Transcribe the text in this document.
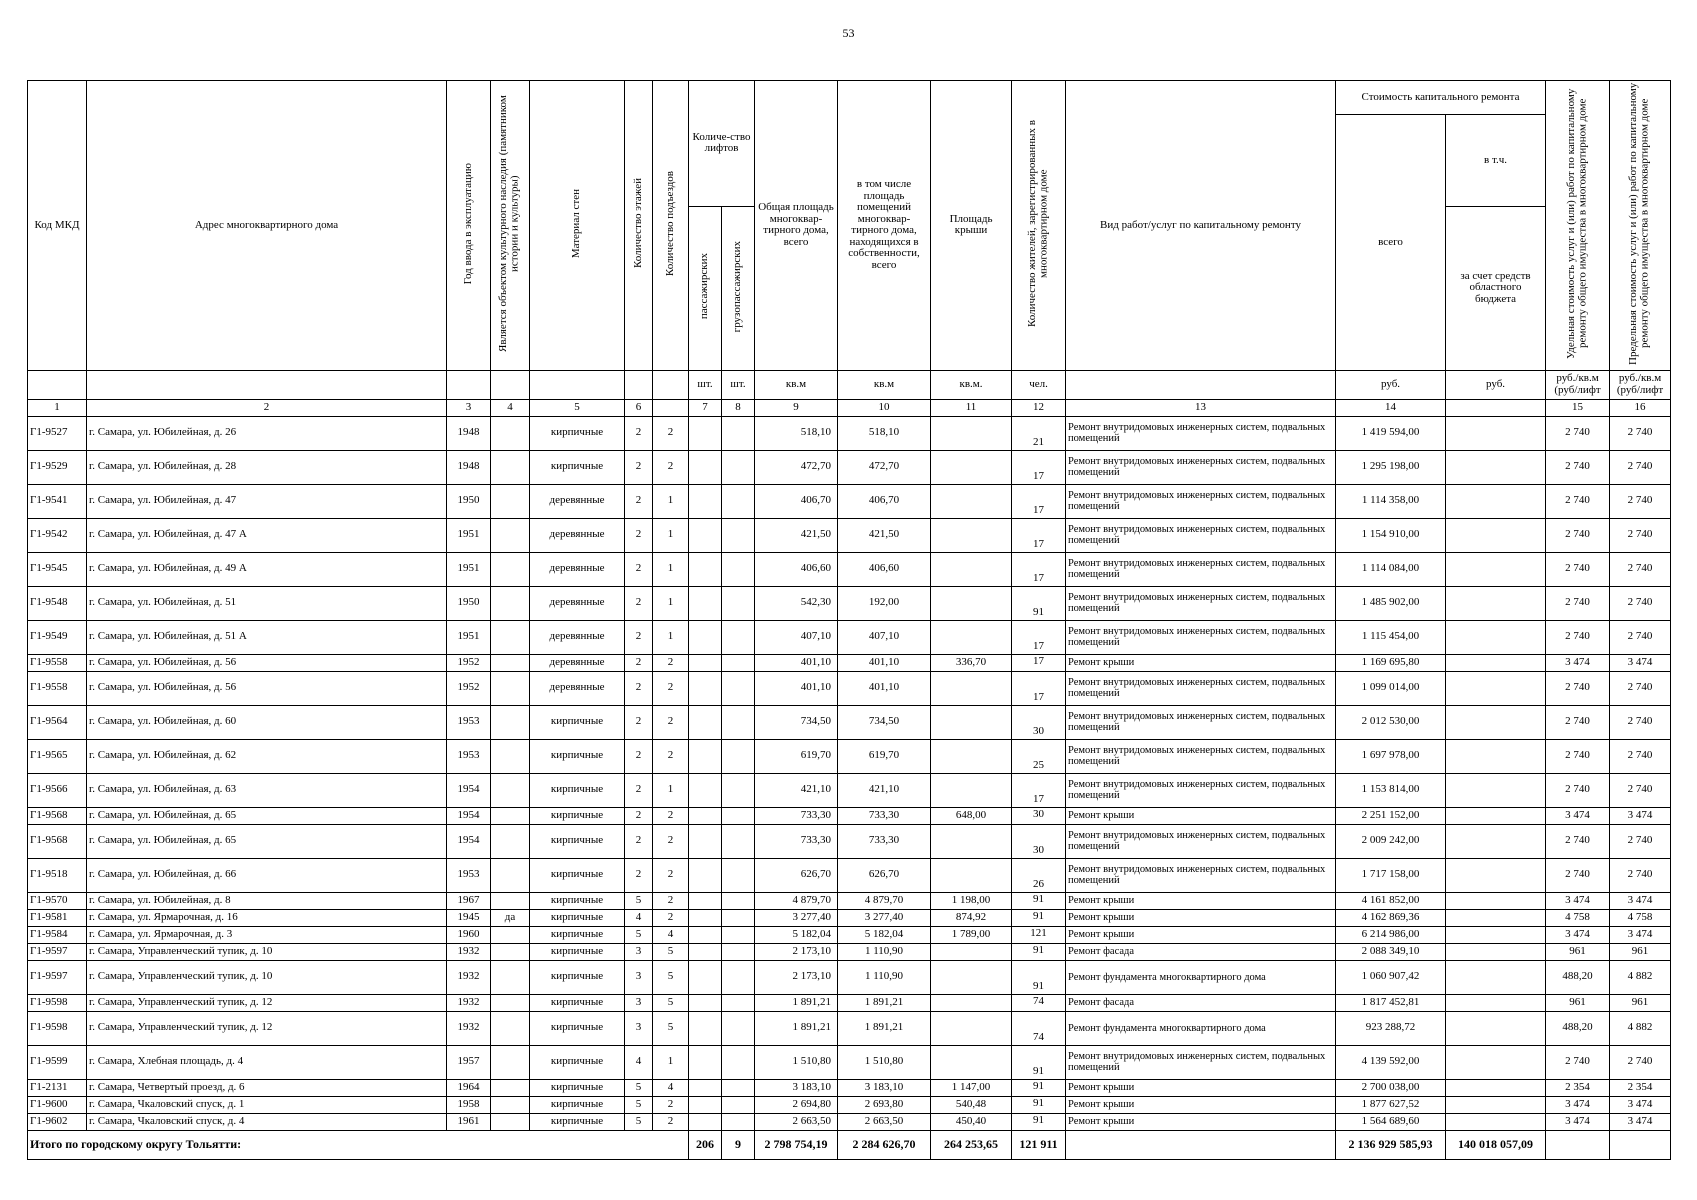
53
Код МКД	Адрес многоквартирного дома	Год ввода в эксплуатацию	Является объектом культурного наследия (памятником истории и культуры)	Материал стен	Количество этажей	Количество подъездов	Количе-ство лифтов		Общая площадь многоквар-тирного дома, всего	в том числе площадь помещений многоквар-тирного дома, находящихся в собственности, всего	Площадь крыши	Количество жителей, зарегистрированных в многоквартирном доме	Вид работ/услуг по капитальному ремонту	Стоимость капитального ремонта		Удельная стоимость услуг и (или) работ по капитальному ремонту общего имущества в многоквартирном доме	Предельная стоимость услуг и (или) работ по капитальному ремонту общего имущества в многоквартирном доме
														всего	в т.ч.		
							пассажирских	грузопассажирских							за счет средств областного бюджета		
							шт.	шт.	кв.м	кв.м	кв.м.	чел.		руб.	руб.	руб./кв.м (руб/лифт	руб./кв.м (руб/лифт
1	2	3	4	5	6		7	8	9	10	11	12	13	14		15	16
Г1-9527	г. Самара, ул. Юбилейная, д. 26	1948		кирпичные	2	2			518,10	518,10		21	Ремонт внутридомовых инженерных систем, подвальных помещений	1 419 594,00		2 740	2 740
Г1-9529	г. Самара, ул. Юбилейная, д. 28	1948		кирпичные	2	2			472,70	472,70		17	Ремонт внутридомовых инженерных систем, подвальных помещений	1 295 198,00		2 740	2 740
Г1-9541	г. Самара, ул. Юбилейная, д. 47	1950		деревянные	2	1			406,70	406,70		17	Ремонт внутридомовых инженерных систем, подвальных помещений	1 114 358,00		2 740	2 740
Г1-9542	г. Самара, ул. Юбилейная, д. 47 А	1951		деревянные	2	1			421,50	421,50		17	Ремонт внутридомовых инженерных систем, подвальных помещений	1 154 910,00		2 740	2 740
Г1-9545	г. Самара, ул. Юбилейная, д. 49 А	1951		деревянные	2	1			406,60	406,60		17	Ремонт внутридомовых инженерных систем, подвальных помещений	1 114 084,00		2 740	2 740
Г1-9548	г. Самара, ул. Юбилейная, д. 51	1950		деревянные	2	1			542,30	192,00		91	Ремонт внутридомовых инженерных систем, подвальных помещений	1 485 902,00		2 740	2 740
Г1-9549	г. Самара, ул. Юбилейная, д. 51 А	1951		деревянные	2	1			407,10	407,10		17	Ремонт внутридомовых инженерных систем, подвальных помещений	1 115 454,00		2 740	2 740
Г1-9558	г. Самара, ул. Юбилейная, д. 56	1952		деревянные	2	2			401,10	401,10	336,70	17	Ремонт крыши	1 169 695,80		3 474	3 474
Г1-9558	г. Самара, ул. Юбилейная, д. 56	1952		деревянные	2	2			401,10	401,10		17	Ремонт внутридомовых инженерных систем, подвальных помещений	1 099 014,00		2 740	2 740
Г1-9564	г. Самара, ул. Юбилейная, д. 60	1953		кирпичные	2	2			734,50	734,50		30	Ремонт внутридомовых инженерных систем, подвальных помещений	2 012 530,00		2 740	2 740
Г1-9565	г. Самара, ул. Юбилейная, д. 62	1953		кирпичные	2	2			619,70	619,70		25	Ремонт внутридомовых инженерных систем, подвальных помещений	1 697 978,00		2 740	2 740
Г1-9566	г. Самара, ул. Юбилейная, д. 63	1954		кирпичные	2	1			421,10	421,10		17	Ремонт внутридомовых инженерных систем, подвальных помещений	1 153 814,00		2 740	2 740
Г1-9568	г. Самара, ул. Юбилейная, д. 65	1954		кирпичные	2	2			733,30	733,30	648,00	30	Ремонт крыши	2 251 152,00		3 474	3 474
Г1-9568	г. Самара, ул. Юбилейная, д. 65	1954		кирпичные	2	2			733,30	733,30		30	Ремонт внутридомовых инженерных систем, подвальных помещений	2 009 242,00		2 740	2 740
Г1-9518	г. Самара, ул. Юбилейная, д. 66	1953		кирпичные	2	2			626,70	626,70		26	Ремонт внутридомовых инженерных систем, подвальных помещений	1 717 158,00		2 740	2 740
Г1-9570	г. Самара, ул. Юбилейная, д. 8	1967		кирпичные	5	2			4 879,70	4 879,70	1 198,00	91	Ремонт крыши	4 161 852,00		3 474	3 474
Г1-9581	г. Самара, ул. Ярмарочная, д. 16	1945	да	кирпичные	4	2			3 277,40	3 277,40	874,92	91	Ремонт крыши	4 162 869,36		4 758	4 758
Г1-9584	г. Самара, ул. Ярмарочная, д. 3	1960		кирпичные	5	4			5 182,04	5 182,04	1 789,00	121	Ремонт крыши	6 214 986,00		3 474	3 474
Г1-9597	г. Самара, Управленческий тупик, д. 10	1932		кирпичные	3	5			2 173,10	1 110,90		91	Ремонт фасада	2 088 349,10		961	961
Г1-9597	г. Самара, Управленческий тупик, д. 10	1932		кирпичные	3	5			2 173,10	1 110,90		91	Ремонт фундамента многоквартирного дома	1 060 907,42		488,20	4 882
Г1-9598	г. Самара, Управленческий тупик, д. 12	1932		кирпичные	3	5			1 891,21	1 891,21		74	Ремонт фасада	1 817 452,81		961	961
Г1-9598	г. Самара, Управленческий тупик, д. 12	1932		кирпичные	3	5			1 891,21	1 891,21		74	Ремонт фундамента многоквартирного дома	923 288,72		488,20	4 882
Г1-9599	г. Самара, Хлебная площадь, д. 4	1957		кирпичные	4	1			1 510,80	1 510,80		91	Ремонт внутридомовых инженерных систем, подвальных помещений	4 139 592,00		2 740	2 740
Г1-2131	г. Самара, Четвертый проезд, д. 6	1964		кирпичные	5	4			3 183,10	3 183,10	1 147,00	91	Ремонт крыши	2 700 038,00		2 354	2 354
Г1-9600	г. Самара, Чкаловский спуск, д. 1	1958		кирпичные	5	2			2 694,80	2 693,80	540,48	91	Ремонт крыши	1 877 627,52		3 474	3 474
Г1-9602	г. Самара, Чкаловский спуск, д. 4	1961		кирпичные	5	2			2 663,50	2 663,50	450,40	91	Ремонт крыши	1 564 689,60		3 474	3 474
Итого по городскому округу Тольятти:							206	9	2 798 754,19	2 284 626,70	264 253,65	121 911		2 136 929 585,93	140 018 057,09		
